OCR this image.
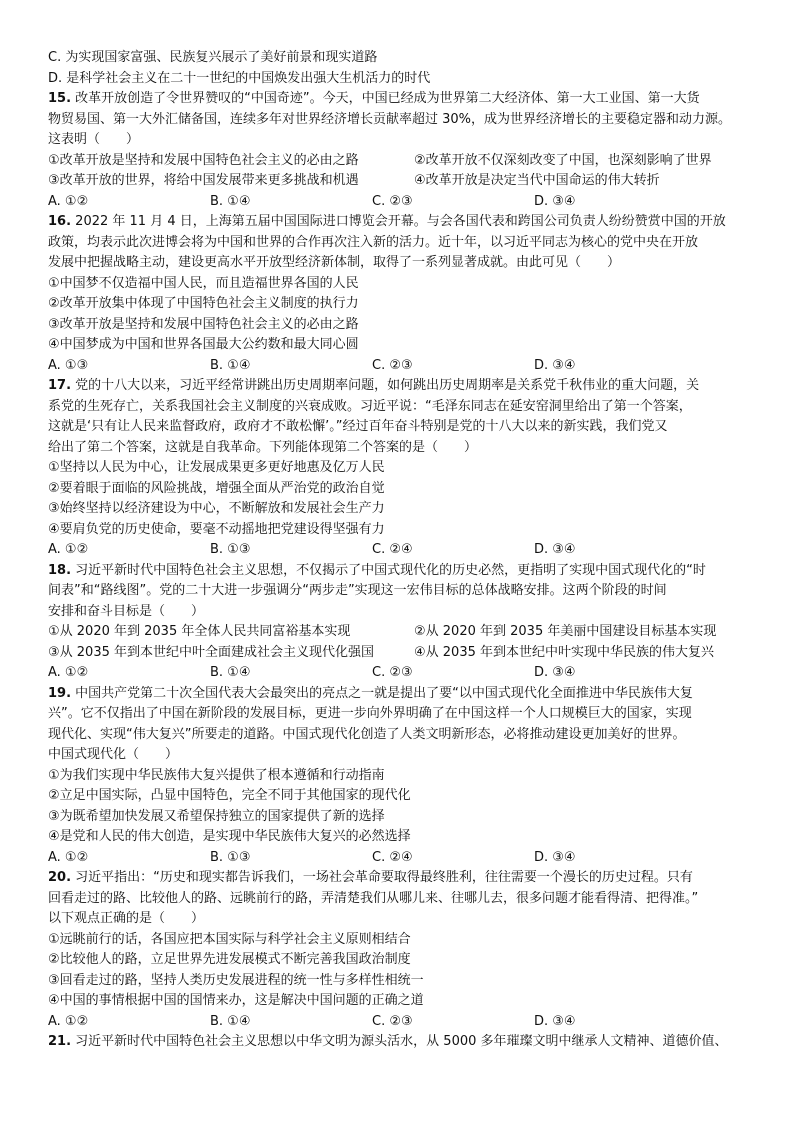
C. 为实现国家富强、民族复兴展示了美好前景和现实道路
D. 是科学社会主义在二十一世纪的中国焕发出强大生机活力的时代
15. 改革开放创造了令世界赞叹的“中国奇迹”。今天，中国已经成为世界第二大经济体、第一大工业国、第一大货
物贸易国、第一大外汇储备国，连续多年对世界经济增长贡献率超过 30%，成为世界经济增长的主要稳定器和动力源。
这表明（　　）
①改革开放是坚持和发展中国特色社会主义的必由之路	②改革开放不仅深刻改变了中国，也深刻影响了世界
③改革开放的世界，将给中国发展带来更多挑战和机遇	④改革开放是决定当代中国命运的伟大转折
A. ①②	B. ①④	C. ②③	D. ③④
16. 2022 年 11 月 4 日，上海第五届中国国际进口博览会开幕。与会各国代表和跨国公司负责人纷纷赞赏中国的开放
政策，均表示此次进博会将为中国和世界的合作再次注入新的活力。近十年，以习近平同志为核心的党中央在开放
发展中把握战略主动，建设更高水平开放型经济新体制，取得了一系列显著成就。由此可见（　　）
①中国梦不仅造福中国人民，而且造福世界各国的人民
②改革开放集中体现了中国特色社会主义制度的执行力
③改革开放是坚持和发展中国特色社会主义的必由之路
④中国梦成为中国和世界各国最大公约数和最大同心圆
A. ①③	B. ①④	C. ②③	D. ③④
17. 党的十八大以来，习近平经常讲跳出历史周期率问题，如何跳出历史周期率是关系党千秋伟业的重大问题，关
系党的生死存亡，关系我国社会主义制度的兴衰成败。习近平说：“毛泽东同志在延安窑洞里给出了第一个答案，
这就是‘只有让人民来监督政府，政府才不敢松懈’。”经过百年奋斗特别是党的十八大以来的新实践，我们党又
给出了第二个答案，这就是自我革命。下列能体现第二个答案的是（　　）
①坚持以人民为中心，让发展成果更多更好地惠及亿万人民
②要着眼于面临的风险挑战，增强全面从严治党的政治自觉
③始终坚持以经济建设为中心，不断解放和发展社会生产力
④要肩负党的历史使命，要毫不动摇地把党建设得坚强有力
A. ①②	B. ①③	C. ②④	D. ③④
18. 习近平新时代中国特色社会主义思想，不仅揭示了中国式现代化的历史必然，更指明了实现中国式现代化的“时
间表”和“路线图”。党的二十大进一步强调分“两步走”实现这一宏伟目标的总体战略安排。这两个阶段的时间
安排和奋斗目标是（　　）
①从 2020 年到 2035 年全体人民共同富裕基本实现	②从 2020 年到 2035 年美丽中国建设目标基本实现
③从 2035 年到本世纪中叶全面建成社会主义现代化强国	④从 2035 年到本世纪中叶实现中华民族的伟大复兴
A. ①②	B. ①④	C. ②③	D. ③④
19. 中国共产党第二十次全国代表大会最突出的亮点之一就是提出了要“以中国式现代化全面推进中华民族伟大复
兴”。它不仅指出了中国在新阶段的发展目标，更进一步向外界明确了在中国这样一个人口规模巨大的国家，实现
现代化、实现“伟大复兴”所要走的道路。中国式现代化创造了人类文明新形态，必将推动建设更加美好的世界。
中国式现代化（　　）
①为我们实现中华民族伟大复兴提供了根本遵循和行动指南
②立足中国实际，凸显中国特色，完全不同于其他国家的现代化
③为既希望加快发展又希望保持独立的国家提供了新的选择
④是党和人民的伟大创造，是实现中华民族伟大复兴的必然选择
A. ①②	B. ①③	C. ②④	D. ③④
20. 习近平指出：“历史和现实都告诉我们，一场社会革命要取得最终胜利，往往需要一个漫长的历史过程。只有
回看走过的路、比较他人的路、远眺前行的路，弄清楚我们从哪儿来、往哪儿去，很多问题才能看得清、把得准。”
以下观点正确的是（　　）
①远眺前行的话，各国应把本国实际与科学社会主义原则相结合
②比较他人的路，立足世界先进发展模式不断完善我国政治制度
③回看走过的路，坚持人类历史发展进程的统一性与多样性相统一
④中国的事情根据中国的国情来办，这是解决中国问题的正确之道
A. ①②	B. ①④	C. ②③	D. ③④
21. 习近平新时代中国特色社会主义思想以中华文明为源头活水，从 5000 多年璀璨文明中继承人文精神、道德价值、
